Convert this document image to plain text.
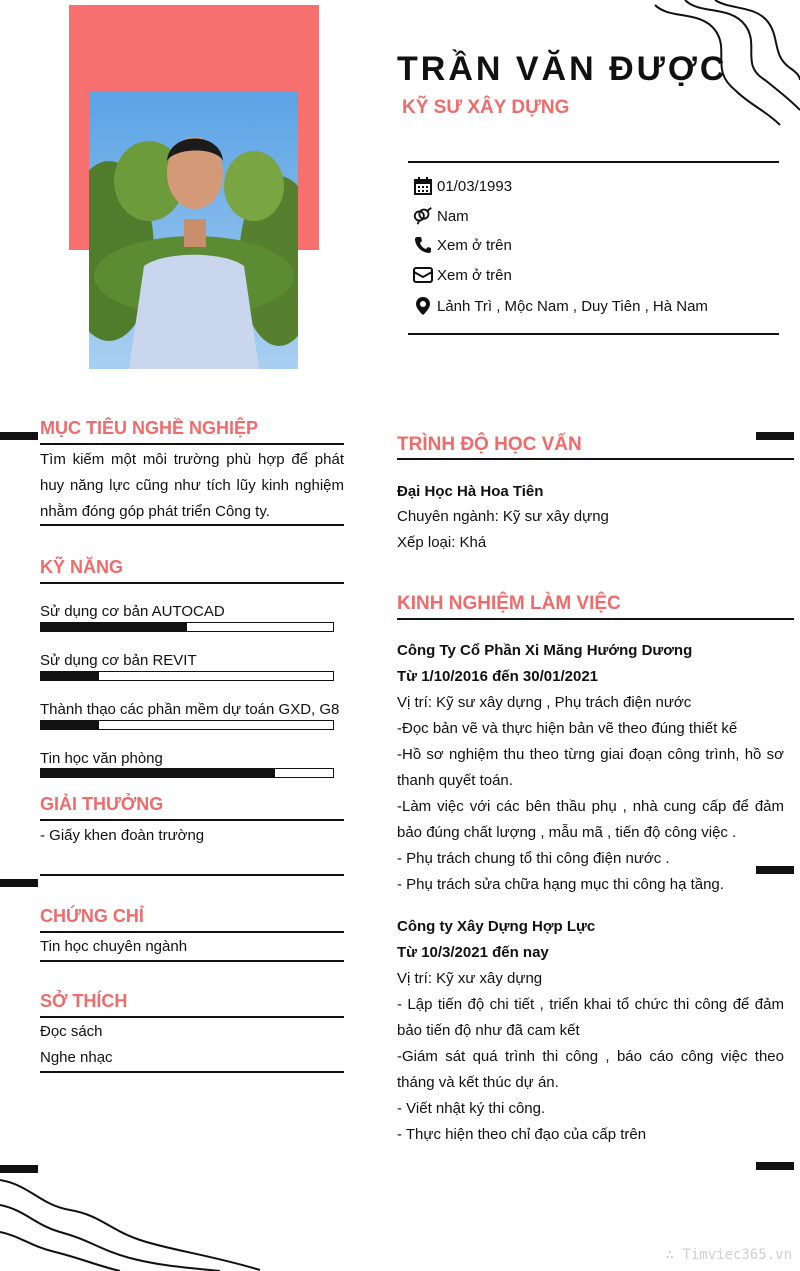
TRẦN VĂN ĐƯỢC
KỸ SƯ XÂY DỰNG
01/03/1993
Nam
Xem ở trên
Xem ở trên
Lảnh Trì , Mộc Nam , Duy Tiên , Hà Nam
MỤC TIÊU NGHỀ NGHIỆP
Tìm kiếm một môi trường phù hợp để phát huy năng lực cũng như tích lũy kinh nghiệm nhằm đóng góp phát triển Công ty.
KỸ NĂNG
Sử dụng cơ bản AUTOCAD
Sử dụng cơ bản REVIT
Thành thạo các phần mềm dự toán GXD, G8
Tin học văn phòng
GIẢI THƯỞNG
- Giấy khen đoàn trường
CHỨNG CHỈ
Tin học chuyên ngành
SỞ THÍCH
Đọc sách
Nghe nhạc
TRÌNH ĐỘ HỌC VẤN
Đại Học Hà Hoa Tiên
Chuyên ngành: Kỹ sư xây dựng
Xếp loại: Khá
KINH NGHIỆM LÀM VIỆC
Công Ty Cổ Phần Xi Măng Hướng Dương
Từ 1/10/2016 đến 30/01/2021
Vị trí: Kỹ sư xây dựng , Phụ trách điện nước
-Đọc bản vẽ và thực hiện bản vẽ theo đúng thiết kế
-Hồ sơ nghiệm thu theo từng giai đoạn công trình, hồ sơ thanh quyết toán.
-Làm việc với các bên thầu phụ , nhà cung cấp để đảm bảo đúng chất lượng , mẫu mã , tiến độ công việc .
- Phụ trách chung tổ thi công điện nước .
- Phụ trách sửa chữa hạng mục thi công hạ tầng.
Công ty Xây Dựng Hợp Lực
Từ 10/3/2021 đến nay
Vị trí: Kỹ xư xây dựng
- Lập tiến độ chi tiết , triển khai tổ chức thi công để đảm bảo tiến độ như đã cam kết
-Giám sát quá trình thi công , báo cáo công việc theo tháng và kết thúc dự án.
- Viết nhật ký thi công.
- Thực hiện theo chỉ đạo của cấp trên
∴ Timviec365.vn
